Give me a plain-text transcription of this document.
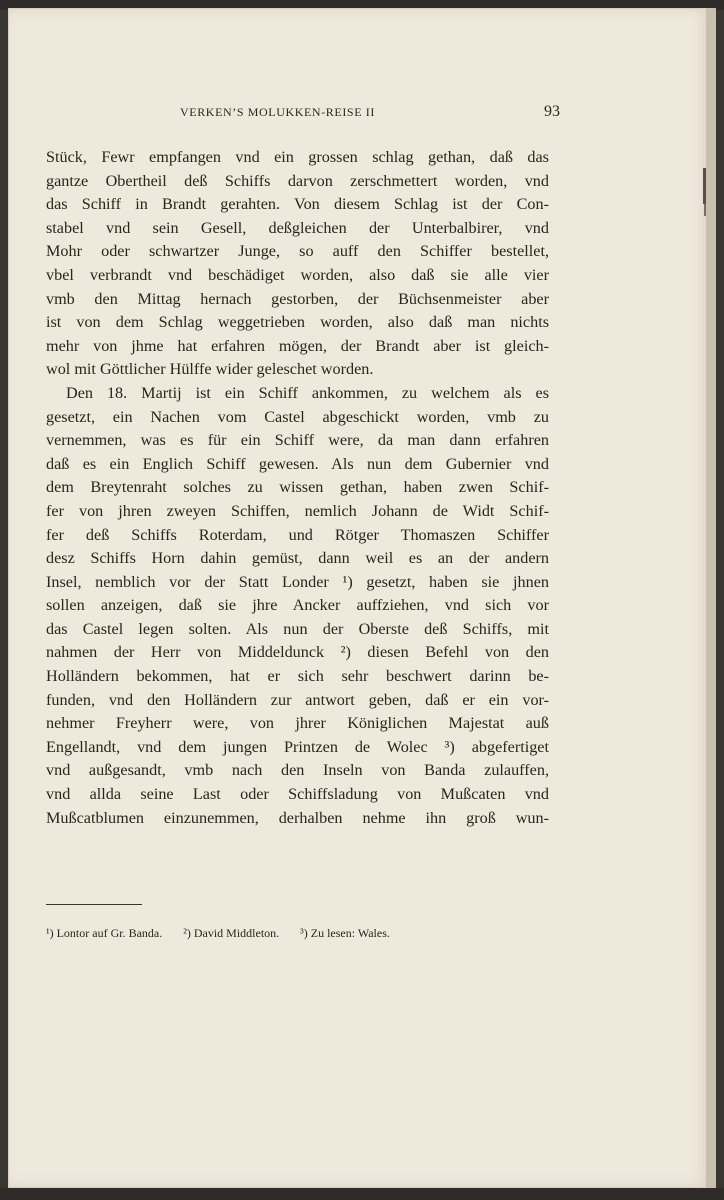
VERKEN’S MOLUKKEN-REISE II	93
Stück, Fewr empfangen vnd ein grossen schlag gethan, daß das
gantze Obertheil deß Schiffs darvon zerschmettert worden, vnd
das Schiff in Brandt gerahten. Von diesem Schlag ist der Con-
stabel vnd sein Gesell, deßgleichen der Unterbalbirer, vnd
Mohr oder schwartzer Junge, so auff den Schiffer bestellet,
vbel verbrandt vnd beschädiget worden, also daß sie alle vier
vmb den Mittag hernach gestorben, der Büchsenmeister aber
ist von dem Schlag weggetrieben worden, also daß man nichts
mehr von jhme hat erfahren mögen, der Brandt aber ist gleich-
wol mit Göttlicher Hülffe wider geleschet worden.
Den 18. Martij ist ein Schiff ankommen, zu welchem als es
gesetzt, ein Nachen vom Castel abgeschickt worden, vmb zu
vernemmen, was es für ein Schiff were, da man dann erfahren
daß es ein Englich Schiff gewesen. Als nun dem Gubernier vnd
dem Breytenraht solches zu wissen gethan, haben zwen Schif-
fer von jhren zweyen Schiffen, nemlich Johann de Widt Schif-
fer deß Schiffs Roterdam, und Rötger Thomaszen Schiffer
desz Schiffs Horn dahin gemüst, dann weil es an der andern
Insel, nemblich vor der Statt Londer ¹) gesetzt, haben sie jhnen
sollen anzeigen, daß sie jhre Ancker auffziehen, vnd sich vor
das Castel legen solten. Als nun der Oberste deß Schiffs, mit
nahmen der Herr von Middeldunck ²) diesen Befehl von den
Holländern bekommen, hat er sich sehr beschwert darinn be-
funden, vnd den Holländern zur antwort geben, daß er ein vor-
nehmer Freyherr were, von jhrer Königlichen Majestat auß
Engellandt, vnd dem jungen Printzen de Wolec ³) abgefertiget
vnd außgesandt, vmb nach den Inseln von Banda zulauffen,
vnd allda seine Last oder Schiffsladung von Mußcaten vnd
Mußcatblumen einzunemmen, derhalben nehme ihn groß wun-
¹) Lontor auf Gr. Banda. ²) David Middleton. ³) Zu lesen: Wales.
